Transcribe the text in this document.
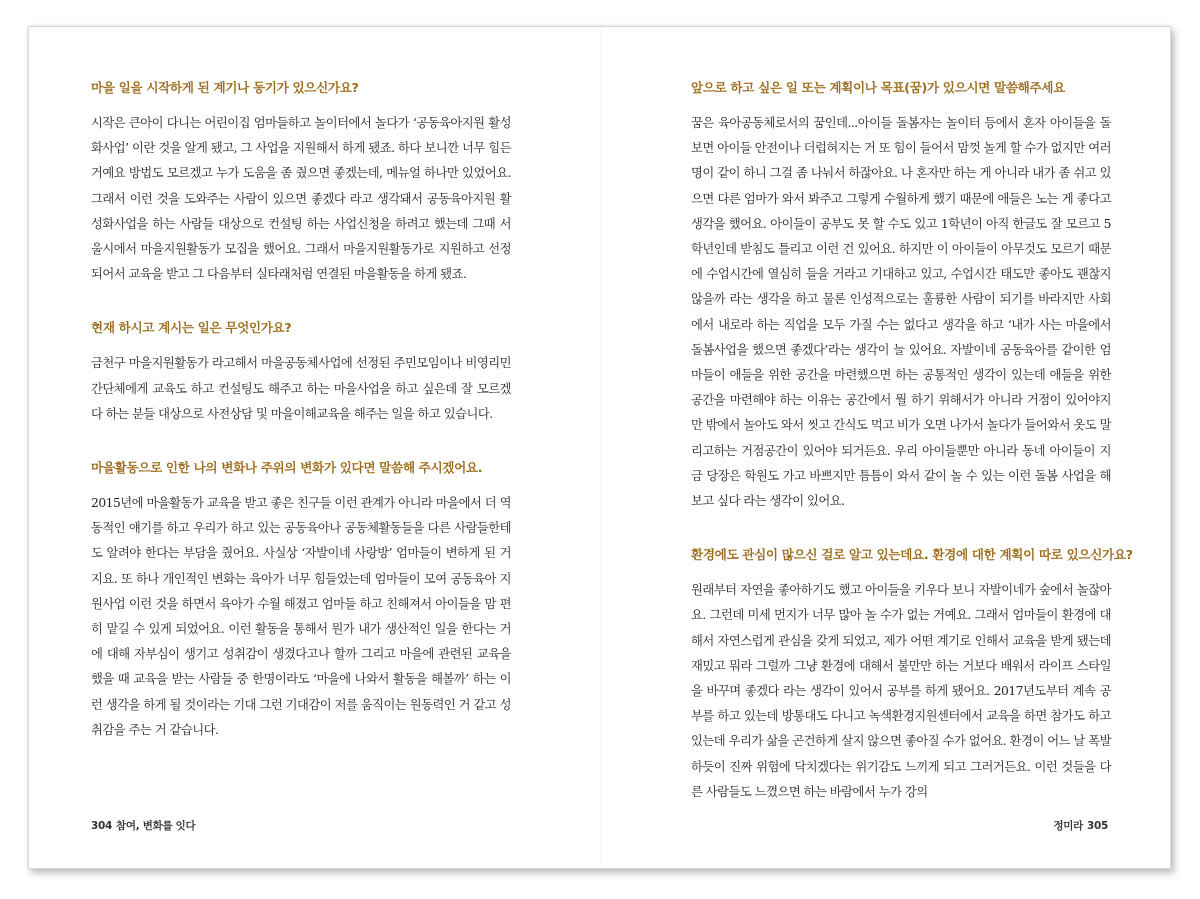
마을 일을 시작하게 된 계기나 동기가 있으신가요?

시작은 큰아이 다니는 어린이집 엄마들하고 놀이터에서 놀다가 ‘공동육아지원 활성화사업’ 이란 것을 알게 됐고, 그 사업을 지원해서 하게 됐죠. 하다 보니깐 너무 힘든 거예요 방법도 모르겠고 누가 도움을 좀 줬으면 좋겠는데, 메뉴얼 하나만 있었어요. 그래서 이런 것을 도와주는 사람이 있으면 좋겠다 라고 생각돼서 공동육아지원 활성화사업을 하는 사람들 대상으로 컨설팅 하는 사업신청을 하려고 했는데 그때 서울시에서 마을지원활동가 모집을 했어요. 그래서 마을지원활동가로 지원하고 선정되어서 교육을 받고 그 다음부터 실타래처럼 연결된 마을활동을 하게 됐죠.

현재 하시고 계시는 일은 무엇인가요?

금천구 마을지원활동가 라고해서 마을공동체사업에 선정된 주민모임이나 비영리민간단체에게 교육도 하고 컨설팅도 해주고 하는 마을사업을 하고 싶은데 잘 모르겠다 하는 분들 대상으로 사전상담 및 마을이해교육을 해주는 일을 하고 있습니다.

마을활동으로 인한 나의 변화나 주위의 변화가 있다면 말씀해 주시겠어요.

2015년에 마을활동가 교육을 받고 좋은 친구들 이런 관계가 아니라 마을에서 더 역동적인 얘기를 하고 우리가 하고 있는 공동육아나 공동체활동들을 다른 사람들한테도 알려야 한다는 부담을 줬어요. 사실상 ‘자발이네 사랑방’ 엄마들이 변하게 된 거지요. 또 하나 개인적인 변화는 육아가 너무 힘들었는데 엄마들이 모여 공동육아 지원사업 이런 것을 하면서 육아가 수월 해졌고 엄마들 하고 친해져서 아이들을 맘 편히 맡길 수 있게 되었어요. 이런 활동을 통해서 뭔가 내가 생산적인 일을 한다는 거에 대해 자부심이 생기고 성취감이 생겼다고나 할까 그리고 마을에 관련된 교육을 했을 때 교육을 받는 사람들 중 한명이라도 ‘마을에 나와서 활동을 해볼까’ 하는 이런 생각을 하게 될 것이라는 기대 그런 기대감이 저를 움직이는 원동력인 거 같고 성취감을 주는 거 같습니다.

앞으로 하고 싶은 일 또는 계획이나 목표(꿈)가 있으시면 말씀해주세요

꿈은 육아공동체로서의 꿈인데...아이들 돌봄자는 놀이터 등에서 혼자 아이들을 돌보면 아이들 안전이나 더럽혀지는 거 또 힘이 들어서 맘껏 놀게 할 수가 없지만 여러 명이 같이 하니 그걸 좀 나눠서 하잖아요. 나 혼자만 하는 게 아니라 내가 좀 쉬고 있으면 다른 엄마가 와서 봐주고 그렇게 수월하게 했기 때문에 애들은 노는 게 좋다고 생각을 했어요. 아이들이 공부도 못 할 수도 있고 1학년이 아직 한글도 잘 모르고 5학년인데 받침도 틀리고 이런 건 있어요. 하지만 이 아이들이 아무것도 모르기 때문에 수업시간에 열심히 들을 거라고 기대하고 있고, 수업시간 태도만 좋아도 괜찮지 않을까 라는 생각을 하고 물론 인성적으로는 훌륭한 사람이 되기를 바라지만 사회에서 내로라 하는 직업을 모두 가질 수는 없다고 생각을 하고 ‘내가 사는 마을에서 돌봄사업을 했으면 좋겠다’라는 생각이 늘 있어요. 자발이네 공동육아를 같이한 엄마들이 애들을 위한 공간을 마련했으면 하는 공통적인 생각이 있는데 애들을 위한 공간을 마련해야 하는 이유는 공간에서 뭘 하기 위해서가 아니라 거점이 있어야지만 밖에서 놀아도 와서 씻고 간식도 먹고 비가 오면 나가서 놀다가 들어와서 옷도 말리고하는 거점공간이 있어야 되거든요. 우리 아이들뿐만 아니라 동네 아이들이 지금 당장은 학원도 가고 바쁘지만 틈틈이 와서 같이 놀 수 있는 이런 돌봄 사업을 해보고 싶다 라는 생각이 있어요.

환경에도 관심이 많으신 걸로 알고 있는데요. 환경에 대한 계획이 따로 있으신가요?

원래부터 자연을 좋아하기도 했고 아이들을 키우다 보니 자발이네가 숲에서 놀잖아요. 그런데 미세 먼지가 너무 많아 놀 수가 없는 거예요. 그래서 엄마들이 환경에 대해서 자연스럽게 관심을 갖게 되었고, 제가 어떤 계기로 인해서 교육을 받게 됐는데 재밌고 뭐라 그럴까 그냥 환경에 대해서 불만만 하는 거보다 배워서 라이프 스타일을 바꾸며 좋겠다 라는 생각이 있어서 공부를 하게 됐어요. 2017년도부터 계속 공부를 하고 있는데 방통대도 다니고 녹색환경지원센터에서 교육을 하면 참가도 하고 있는데 우리가 삶을 곤건하게 살지 않으면 좋아질 수가 없어요. 환경이 어느 날 폭발하듯이 진짜 위험에 닥치겠다는 위기감도 느끼게 되고 그러거든요. 이런 것들을 다른 사람들도 느꼈으면 하는 바람에서 누가 강의

304 참여, 변화를 잇다	정미라 305
